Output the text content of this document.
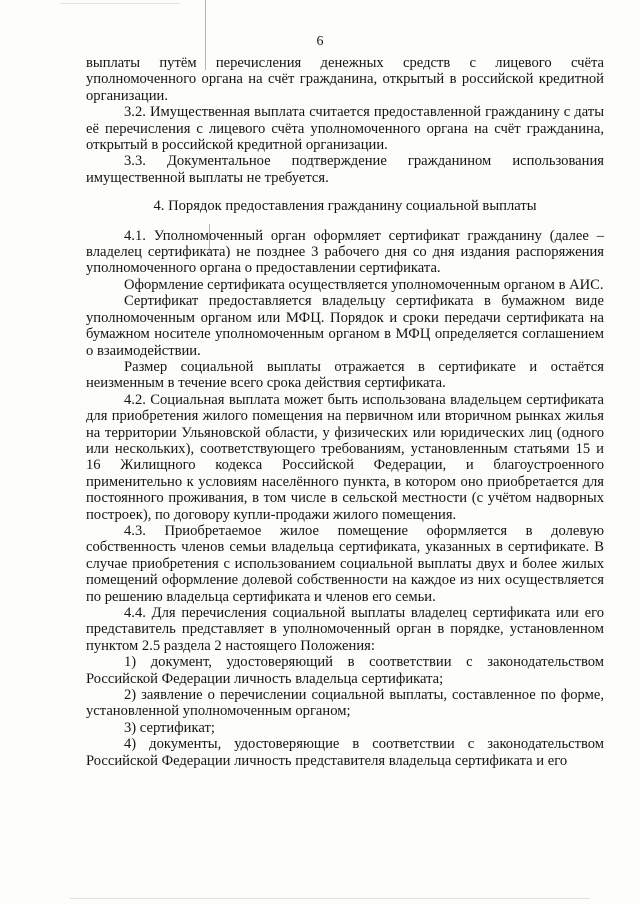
6

выплаты путём перечисления денежных средств с лицевого счёта уполномоченного органа на счёт гражданина, открытый в российской кредитной организации.

3.2. Имущественная выплата считается предоставленной гражданину с даты её перечисления с лицевого счёта уполномоченного органа на счёт гражданина, открытый в российской кредитной организации.

3.3. Документальное подтверждение гражданином использования имущественной выплаты не требуется.

4. Порядок предоставления гражданину социальной выплаты

4.1. Уполномоченный орган оформляет сертификат гражданину (далее – владелец сертификата) не позднее 3 рабочего дня со дня издания распоряжения уполномоченного органа о предоставлении сертификата.

Оформление сертификата осуществляется уполномоченным органом в АИС.

Сертификат предоставляется владельцу сертификата в бумажном виде уполномоченным органом или МФЦ. Порядок и сроки передачи сертификата на бумажном носителе уполномоченным органом в МФЦ определяется соглашением о взаимодействии.

Размер социальной выплаты отражается в сертификате и остаётся неизменным в течение всего срока действия сертификата.

4.2. Социальная выплата может быть использована владельцем сертификата для приобретения жилого помещения на первичном или вторичном рынках жилья на территории Ульяновской области, у физических или юридических лиц (одного или нескольких), соответствующего требованиям, установленным статьями 15 и 16 Жилищного кодекса Российской Федерации, и благоустроенного применительно к условиям населённого пункта, в котором оно приобретается для постоянного проживания, в том числе в сельской местности (с учётом надворных построек), по договору купли-продажи жилого помещения.

4.3. Приобретаемое жилое помещение оформляется в долевую собственность членов семьи владельца сертификата, указанных в сертификате. В случае приобретения с использованием социальной выплаты двух и более жилых помещений оформление долевой собственности на каждое из них осуществляется по решению владельца сертификата и членов его семьи.

4.4. Для перечисления социальной выплаты владелец сертификата или его представитель представляет в уполномоченный орган в порядке, установленном пунктом 2.5 раздела 2 настоящего Положения:

1) документ, удостоверяющий в соответствии с законодательством Российской Федерации личность владельца сертификата;

2) заявление о перечислении социальной выплаты, составленное по форме, установленной уполномоченным органом;

3) сертификат;

4) документы, удостоверяющие в соответствии с законодательством Российской Федерации личность представителя владельца сертификата и его
